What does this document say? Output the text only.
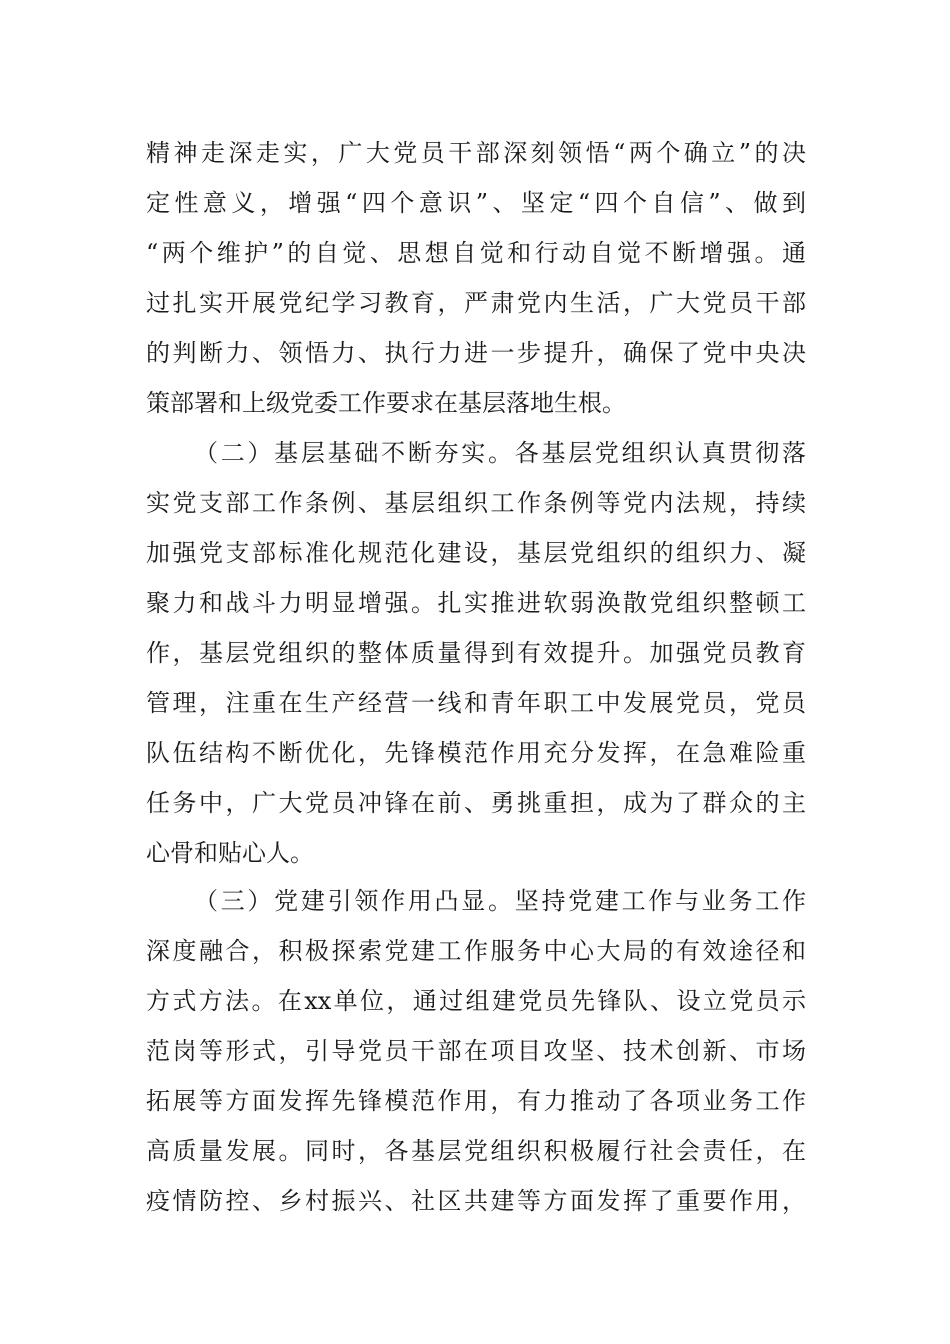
精神走深走实，广大党员干部深刻领悟“两个确立”的决
定性意义，增强“四个意识”、坚定“四个自信”、做到
“两个维护”的自觉、思想自觉和行动自觉不断增强。通
过扎实开展党纪学习教育，严肃党内生活，广大党员干部
的判断力、领悟力、执行力进一步提升，确保了党中央决
策部署和上级党委工作要求在基层落地生根。
（二）基层基础不断夯实。各基层党组织认真贯彻落
实党支部工作条例、基层组织工作条例等党内法规，持续
加强党支部标准化规范化建设，基层党组织的组织力、凝
聚力和战斗力明显增强。扎实推进软弱涣散党组织整顿工
作，基层党组织的整体质量得到有效提升。加强党员教育
管理，注重在生产经营一线和青年职工中发展党员，党员
队伍结构不断优化，先锋模范作用充分发挥，在急难险重
任务中，广大党员冲锋在前、勇挑重担，成为了群众的主
心骨和贴心人。
（三）党建引领作用凸显。坚持党建工作与业务工作
深度融合，积极探索党建工作服务中心大局的有效途径和
方式方法。在xx单位，通过组建党员先锋队、设立党员示
范岗等形式，引导党员干部在项目攻坚、技术创新、市场
拓展等方面发挥先锋模范作用，有力推动了各项业务工作
高质量发展。同时，各基层党组织积极履行社会责任，在
疫情防控、乡村振兴、社区共建等方面发挥了重要作用，
